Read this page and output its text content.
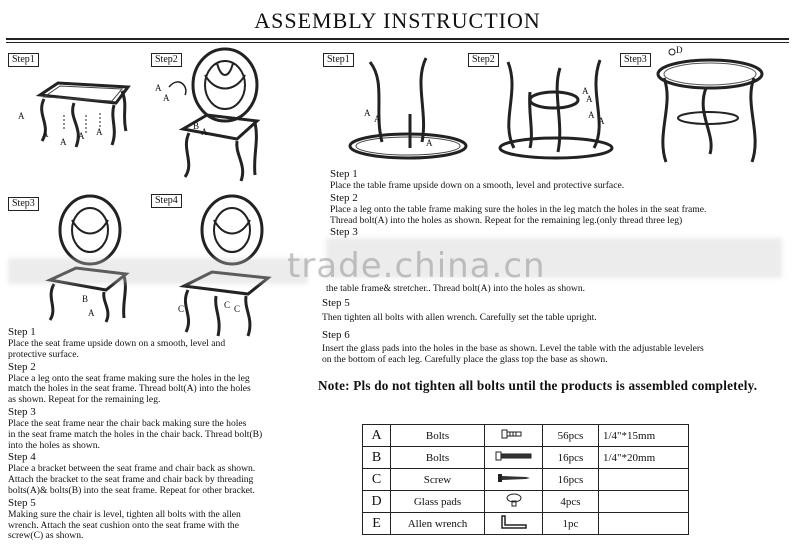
ASSEMBLY INSTRUCTION
Step1	Step2
Step3	Step4
Step1	Step2	Step3
A
A
A
A A
A
A
B
A
B
A	C	C C
A
A
A
A
A
A
A
D
Step 1
Place the seat frame upside down on a smooth, level and
protective surface.
Step 2
Place a leg onto the seat frame making sure the holes in the leg
match the holes in the seat frame. Thread bolt(A) into the holes
as shown. Repeat for the remaining leg.
Step 3
Place the seat frame near the chair back making sure the holes
in the seat frame match the holes in the chair back. Thread bolt(B)
into the holes as shown.
Step 4
Place a bracket between the seat frame and chair back as shown.
Attach the bracket to the seat frame and chair back by threading
bolts(A)& bolts(B) into the seat frame. Repeat for other bracket.
Step 5
Making sure the chair is level, tighten all bolts with the allen
wrench. Attach the seat cushion onto the seat frame with the
screw(C) as shown.
Step 1
Place the table frame upside down on a smooth, level and protective surface.
Step 2
Place a leg onto the table frame making sure the holes in the leg match the holes in the seat frame.
Thread bolt(A) into the holes as shown. Repeat for the remaining leg.(only thread three leg)
Step 3
trade.china.cn
the table frame& stretcher.. Thread bolt(A) into the holes as shown.
Step 5
Then tighten all bolts with allen wrench. Carefully set the table upright.
Step 6
Insert the glass pads into the holes in the base as shown. Level the table with the adjustable levelers
on the bottom of each leg. Carefully place the glass top the base as shown.
Note: Pls do not tighten all bolts until the products is assembled completely.
A	Bolts		56pcs	1/4"*15mm
B	Bolts		16pcs	1/4"*20mm
C	Screw		16pcs	
D	Glass pads		4pcs	
E	Allen wrench		1pc	
